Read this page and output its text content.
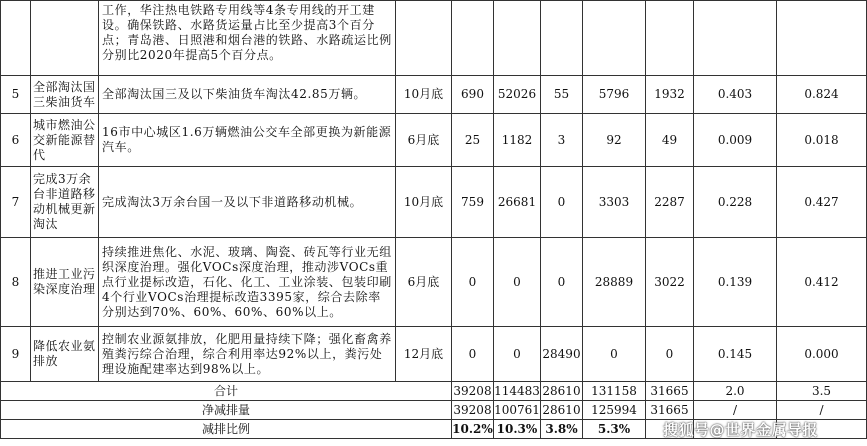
		工作，华注热电铁路专用线等4条专用线的开工建设。确保铁路、水路货运量占比至少提高3个百分点；青岛港、日照港和烟台港的铁路、水路疏运比例分别比2020年提高5个百分点。								
5	全部淘汰国三柴油货车	全部淘汰国三及以下柴油货车淘汰42.85万辆。	10月底	690	52026	55	5796	1932	0.403	0.824
6	城市燃油公交新能源替代	16市中心城区1.6万辆燃油公交车全部更换为新能源汽车。	6月底	25	1182	3	92	49	0.009	0.018
7	完成3万余台非道路移动机械更新淘汰	完成淘汰3万余台国一及以下非道路移动机械。	10月底	759	26681	0	3303	2287	0.228	0.427
8	推进工业污染深度治理	持续推进焦化、水泥、玻璃、陶瓷、砖瓦等行业无组织深度治理。强化VOCs深度治理，推动涉VOCs重点行业提标改造，石化、化工、工业涂装、包装印刷4个行业VOCs治理提标改造3395家，综合去除率分别达到70%、60%、60%、60%以上。	6月底	0	0	0	28889	3022	0.139	0.412
9	降低农业氨排放	控制农业源氨排放，化肥用量持续下降；强化畜禽养殖粪污综合治理，综合利用率达92%以上，粪污处理设施配建率达到98%以上。	12月底	0	0	28490	0	0	0.145	0.000
合计				39208	114483	28610	131158	31665	2.0	3.5
净减排量				39208	100761	28610	125994	31665	/	/
减排比例				10.2%	10.3%	3.8%	5.3%			搜狐号@世界金属导报
